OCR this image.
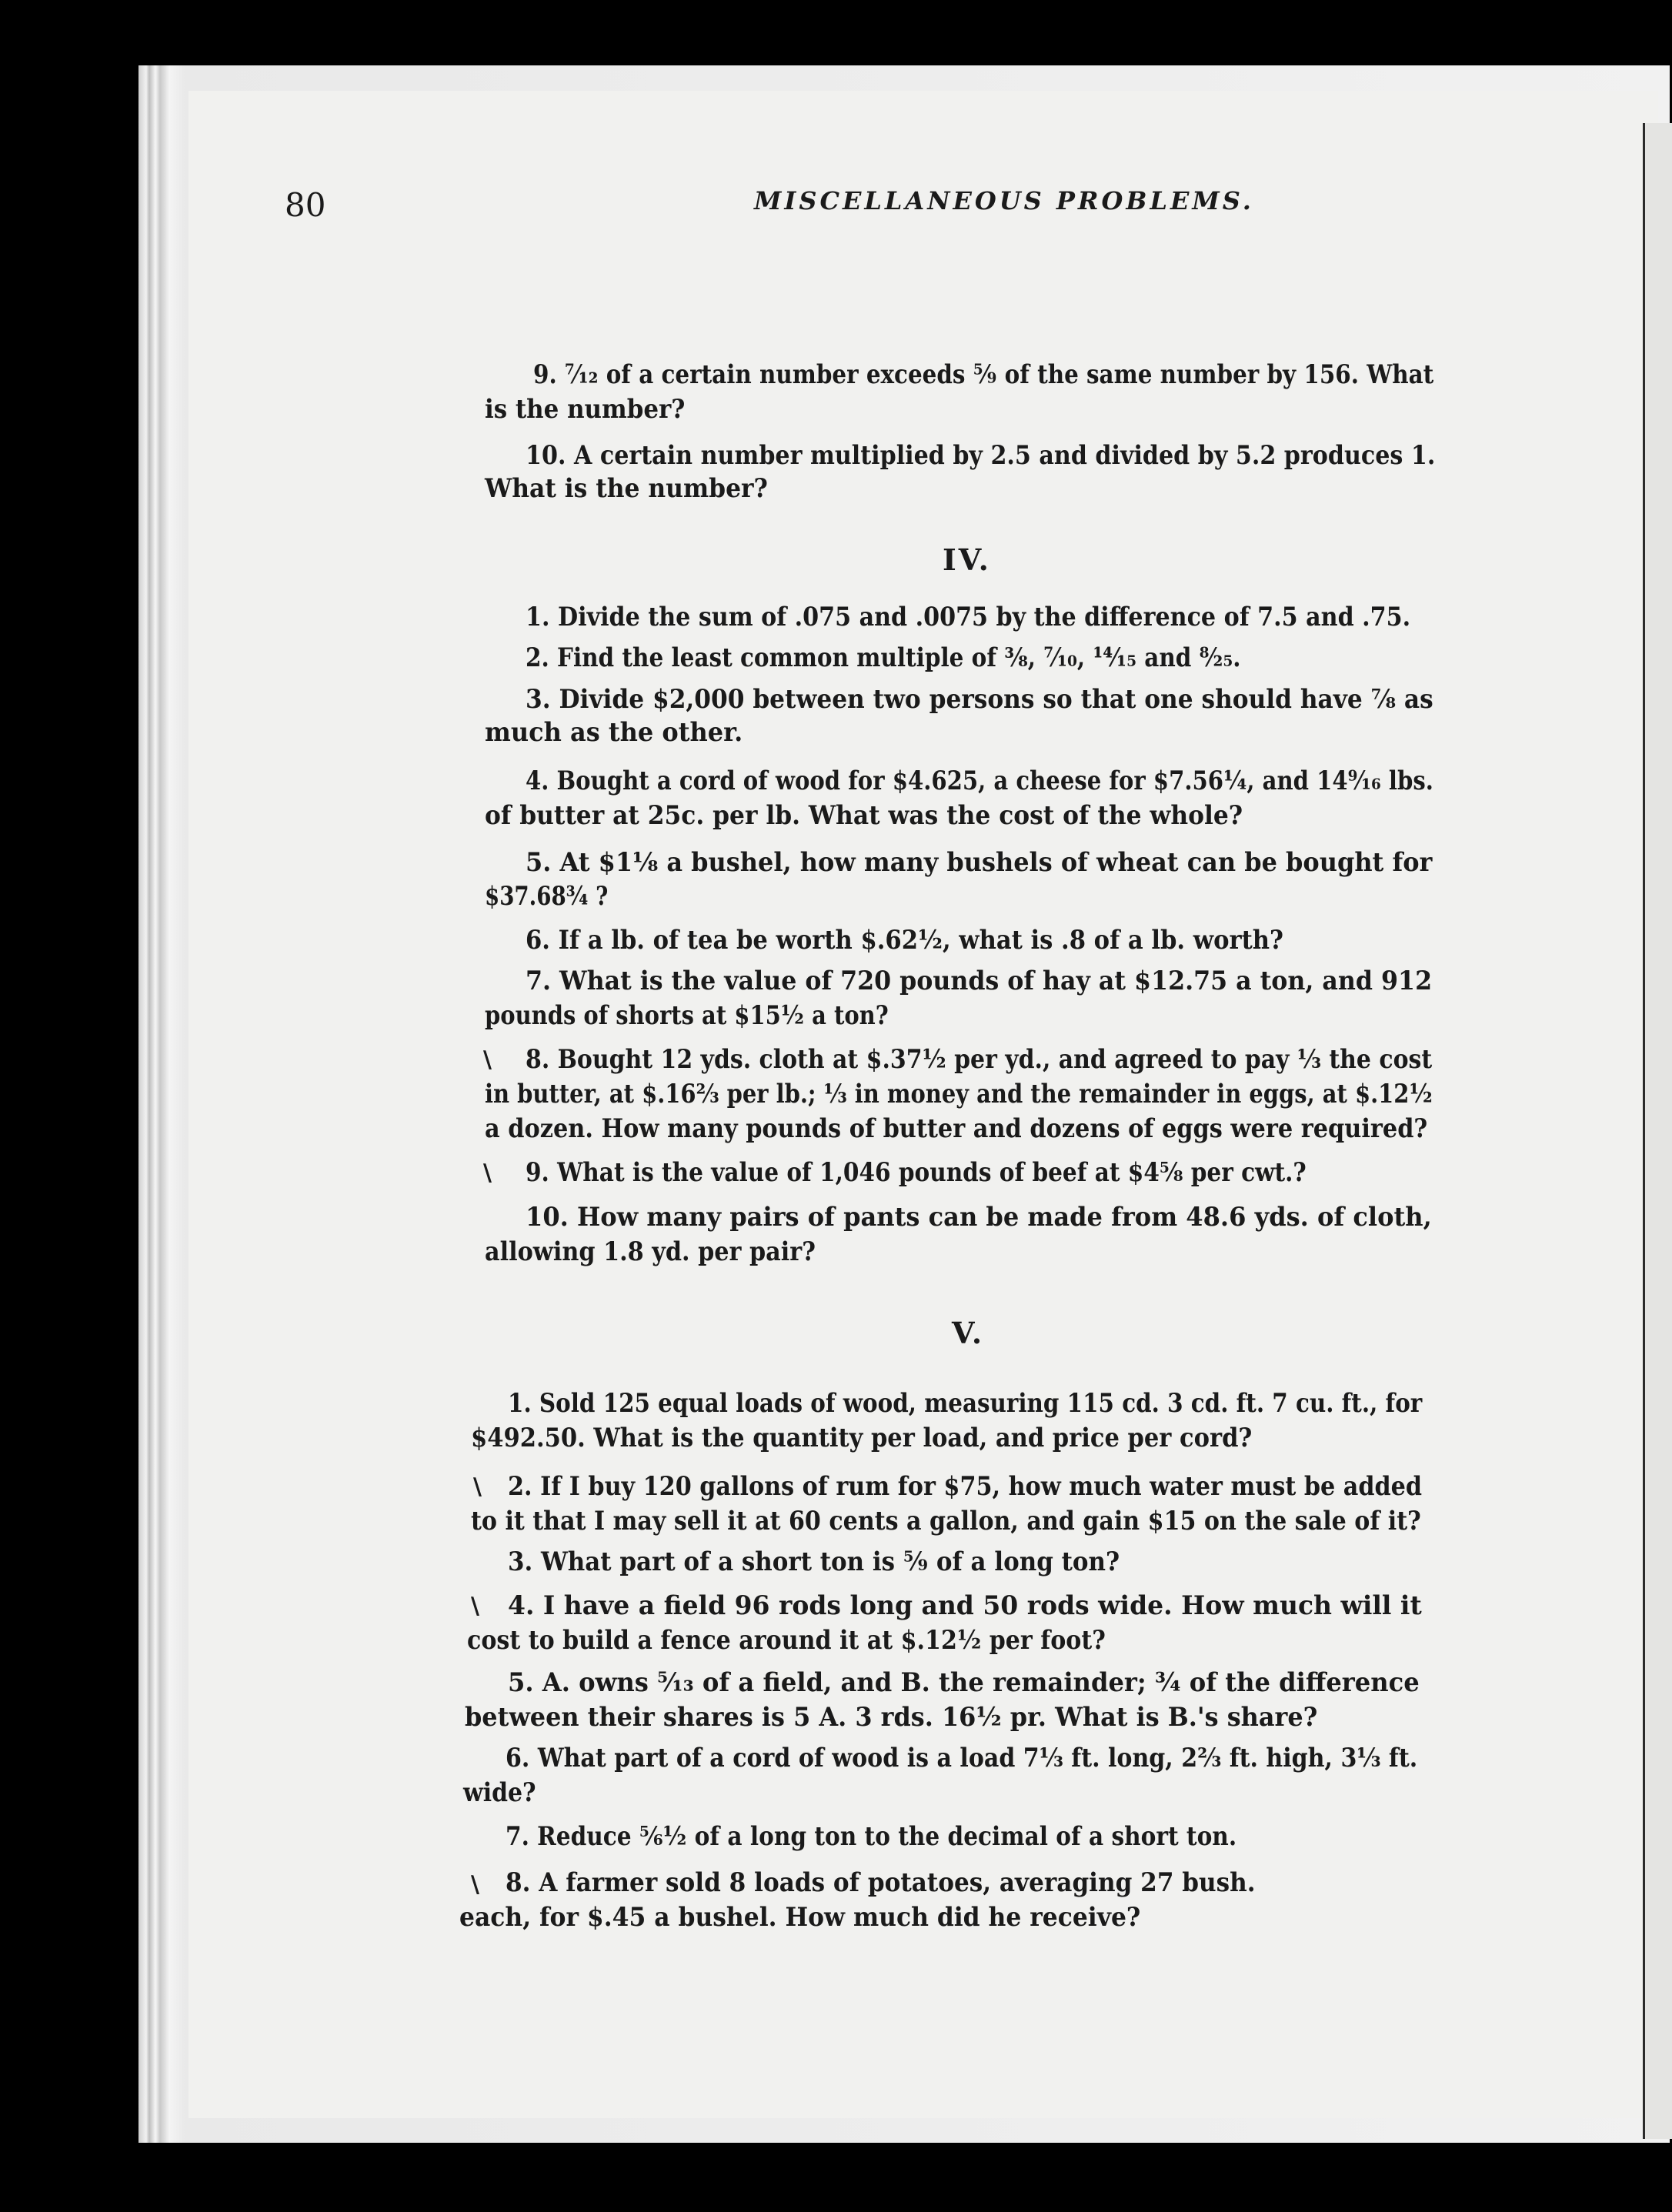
80	MISCELLANEOUS PROBLEMS.
9. ⁷⁄₁₂ of a certain number exceeds ⁵⁄₉ of the same number by 156. What
is the number?
10. A certain number multiplied by 2.5 and divided by 5.2 produces 1.
What is the number?
1. Divide the sum of .075 and .0075 by the difference of 7.5 and .75.
2. Find the least common multiple of ⅜, ⁷⁄₁₀, ¹⁴⁄₁₅ and ⁸⁄₂₅.
3. Divide $2,000 between two persons so that one should have ⅞ as
much as the other.
4. Bought a cord of wood for $4.625, a cheese for $7.56¼, and 14⁹⁄₁₆ lbs.
of butter at 25c. per lb. What was the cost of the whole?
5. At $1⅛ a bushel, how many bushels of wheat can be bought for
$37.68¾ ?
6. If a lb. of tea be worth $.62½, what is .8 of a lb. worth?
7. What is the value of 720 pounds of hay at $12.75 a ton, and 912
pounds of shorts at $15½ a ton?
8. Bought 12 yds. cloth at $.37½ per yd., and agreed to pay ⅓ the cost
in butter, at $.16⅔ per lb.; ⅓ in money and the remainder in eggs, at $.12½
a dozen. How many pounds of butter and dozens of eggs were required?
9. What is the value of 1,046 pounds of beef at $4⅝ per cwt.?
10. How many pairs of pants can be made from 48.6 yds. of cloth,
allowing 1.8 yd. per pair?
1. Sold 125 equal loads of wood, measuring 115 cd. 3 cd. ft. 7 cu. ft., for
$492.50. What is the quantity per load, and price per cord?
2. If I buy 120 gallons of rum for $75, how much water must be added
to it that I may sell it at 60 cents a gallon, and gain $15 on the sale of it?
3. What part of a short ton is ⁵⁄₉ of a long ton?
4. I have a field 96 rods long and 50 rods wide. How much will it
cost to build a fence around it at $.12½ per foot?
5. A. owns ⁵⁄₁₃ of a field, and B. the remainder; ¾ of the difference
between their shares is 5 A. 3 rds. 16½ pr. What is B.'s share?
6. What part of a cord of wood is a load 7⅓ ft. long, 2⅔ ft. high, 3⅓ ft.
wide?
7. Reduce ⅚½ of a long ton to the decimal of a short ton.
8. A farmer sold 8 loads of potatoes, averaging 27 bush.
each, for $.45 a bushel. How much did he receive?
IV.
V.
\
\
\
\
\
